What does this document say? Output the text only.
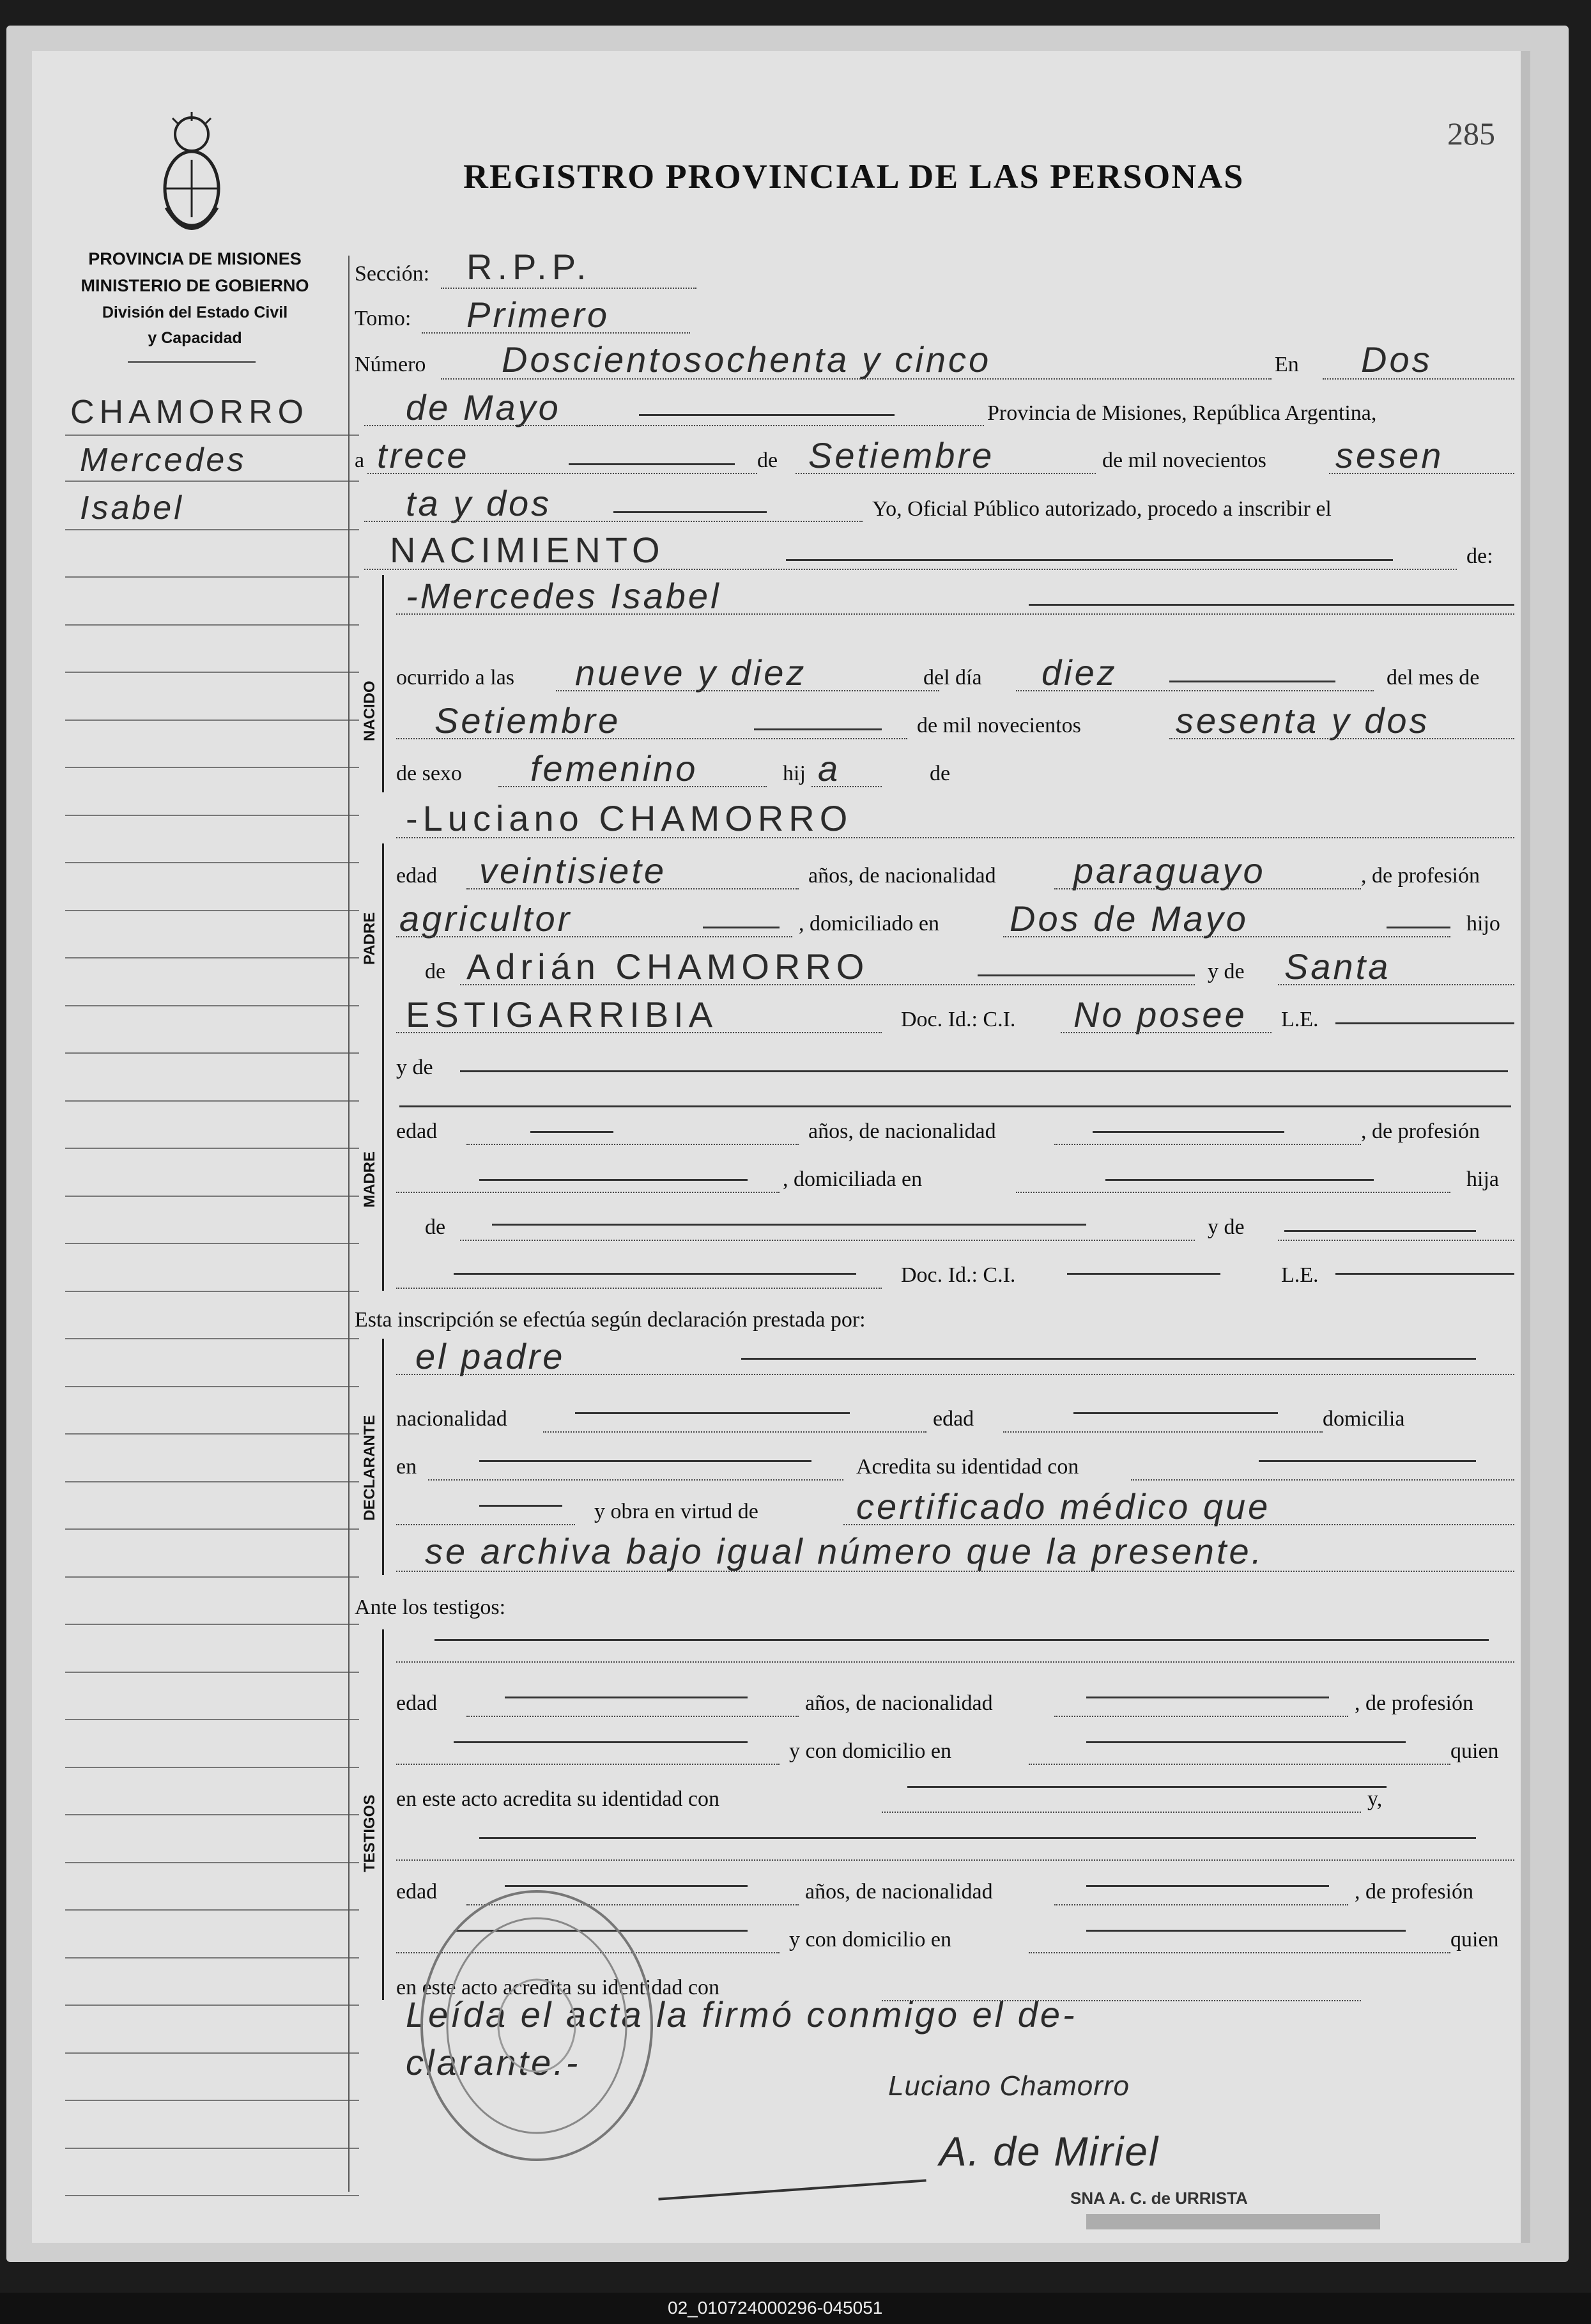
285
REGISTRO PROVINCIAL DE LAS PERSONAS
PROVINCIA DE MISIONES
MINISTERIO DE GOBIERNO
División del Estado Civil
y Capacidad
CHAMORRO
Mercedes
Isabel
Sección: R.P.P.
Tomo: Primero
Número Doscientosochenta y cinco	En Dos
de Mayo	Provincia de Misiones, República Argentina,
a trece	de Setiembre	de mil novecientos sesen
ta y dos	Yo, Oficial Público autorizado, procedo a inscribir el
NACIMIENTO	de:
NACIDO
-Mercedes Isabel
ocurrido a las nueve y diez	del día diez	del mes de
Setiembre	de mil novecientos	sesenta y dos
de sexo femenino	hij a	de
-Luciano CHAMORRO
PADRE
edad veintisiete	años, de nacionalidad paraguayo	, de profesión
agricultor	, domiciliado en Dos de Mayo	hijo
de Adrián CHAMORRO	y de Santa
ESTIGARRIBIA	Doc. Id.: C.I. No posee L.E.
MADRE
y de
edad	años, de nacionalidad	, de profesión
, domiciliada en	hija
de	y de
Doc. Id.: C.I.	L.E.
Esta inscripción se efectúa según declaración prestada por:
DECLARANTE
el padre
nacionalidad	edad	domicilia
en	Acredita su identidad con
y obra en virtud de	certificado médico que
se archiva bajo igual número que la presente.
Ante los testigos:
TESTIGOS
edad	años, de nacionalidad	, de profesión
y con domicilio en	quien
en este acto acredita su identidad con	y,
edad	años, de nacionalidad	, de profesión
y con domicilio en	quien
en este acto acredita su identidad con
Leída el acta la firmó conmigo el de-
clarante.-
Luciano Chamorro
A. de Miriel
SNA A. C. de URRISTA
02_010724000296-045051
